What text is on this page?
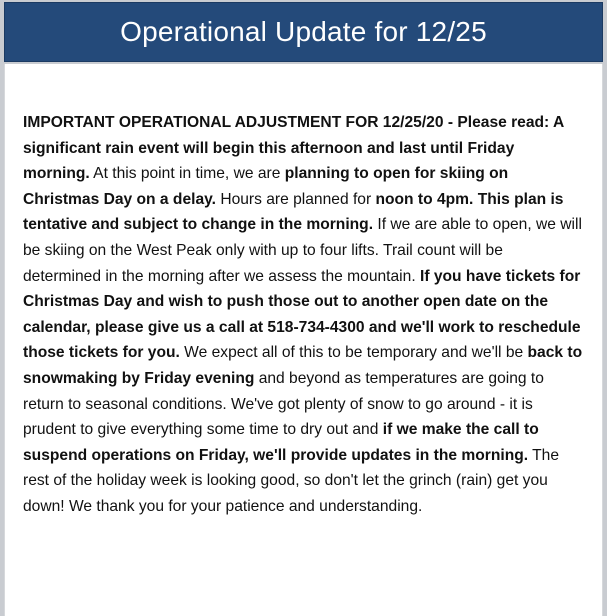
Operational Update for 12/25
IMPORTANT OPERATIONAL ADJUSTMENT FOR 12/25/20 - Please read: A significant rain event will begin this afternoon and last until Friday morning. At this point in time, we are planning to open for skiing on Christmas Day on a delay. Hours are planned for noon to 4pm. This plan is tentative and subject to change in the morning. If we are able to open, we will be skiing on the West Peak only with up to four lifts. Trail count will be determined in the morning after we assess the mountain. If you have tickets for Christmas Day and wish to push those out to another open date on the calendar, please give us a call at 518-734-4300 and we'll work to reschedule those tickets for you. We expect all of this to be temporary and we'll be back to snowmaking by Friday evening and beyond as temperatures are going to return to seasonal conditions. We've got plenty of snow to go around - it is prudent to give everything some time to dry out and if we make the call to suspend operations on Friday, we'll provide updates in the morning. The rest of the holiday week is looking good, so don't let the grinch (rain) get you down! We thank you for your patience and understanding.
